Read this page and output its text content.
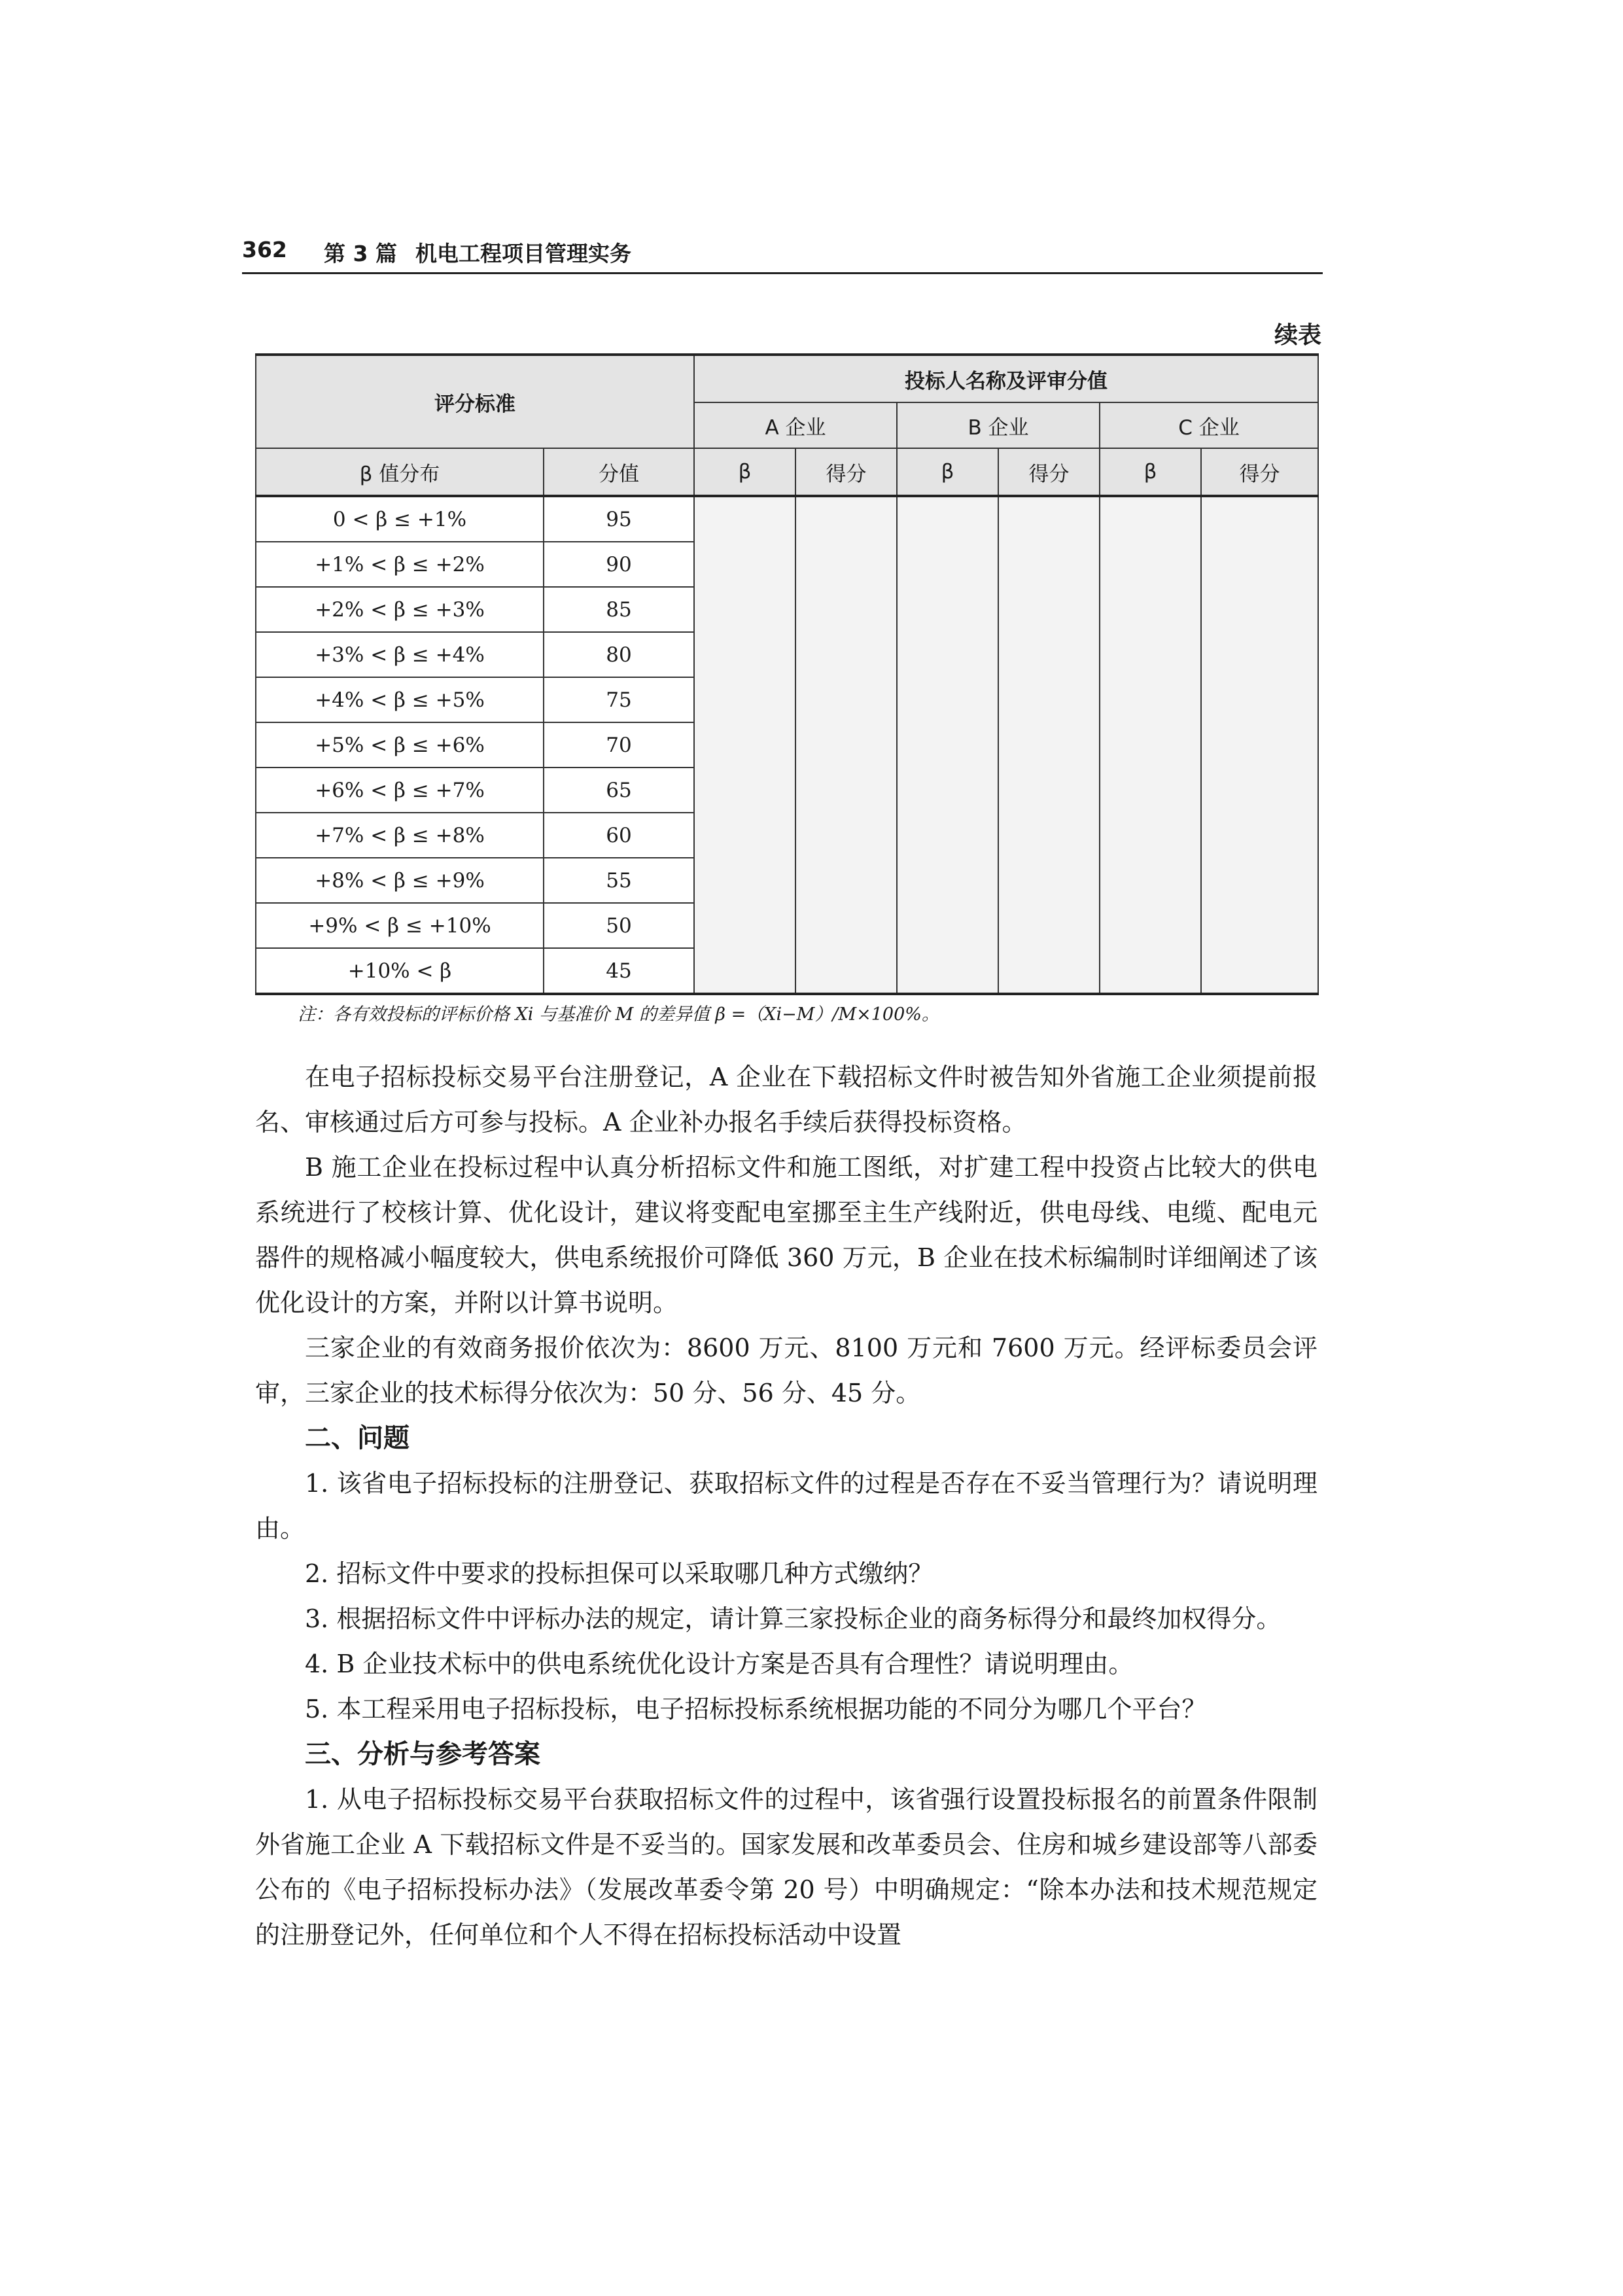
362 第 3 篇 机电工程项目管理实务
续表
评分标准		投标人名称及评审分值					
		A 企业		B 企业		C 企业	
β 值分布	分值	β	得分	β	得分	β	得分
0 < β ≤ +1%	95						
+1% < β ≤ +2%	90						
+2% < β ≤ +3%	85						
+3% < β ≤ +4%	80						
+4% < β ≤ +5%	75						
+5% < β ≤ +6%	70						
+6% < β ≤ +7%	65						
+7% < β ≤ +8%	60						
+8% < β ≤ +9%	55						
+9% < β ≤ +10%	50						
+10% < β	45						
注：各有效投标的评标价格 Xi 与基准价 M 的差异值 β =（Xi−M）/M×100%。

在电子招标投标交易平台注册登记，A 企业在下载招标文件时被告知外省施工企业须提前报名、审核通过后方可参与投标。A 企业补办报名手续后获得投标资格。

B 施工企业在投标过程中认真分析招标文件和施工图纸，对扩建工程中投资占比较大的供电系统进行了校核计算、优化设计，建议将变配电室挪至主生产线附近，供电母线、电缆、配电元器件的规格减小幅度较大，供电系统报价可降低 360 万元，B 企业在技术标编制时详细阐述了该优化设计的方案，并附以计算书说明。

三家企业的有效商务报价依次为：8600 万元、8100 万元和 7600 万元。经评标委员会评审，三家企业的技术标得分依次为：50 分、56 分、45 分。

二、问题

1. 该省电子招标投标的注册登记、获取招标文件的过程是否存在不妥当管理行为？请说明理由。

2. 招标文件中要求的投标担保可以采取哪几种方式缴纳？

3. 根据招标文件中评标办法的规定，请计算三家投标企业的商务标得分和最终加权得分。

4. B 企业技术标中的供电系统优化设计方案是否具有合理性？请说明理由。

5. 本工程采用电子招标投标，电子招标投标系统根据功能的不同分为哪几个平台？

三、分析与参考答案

1. 从电子招标投标交易平台获取招标文件的过程中，该省强行设置投标报名的前置条件限制外省施工企业 A 下载招标文件是不妥当的。国家发展和改革委员会、住房和城乡建设部等八部委公布的《电子招标投标办法》（发展改革委令第 20 号）中明确规定：“除本办法和技术规范规定的注册登记外，任何单位和个人不得在招标投标活动中设置
